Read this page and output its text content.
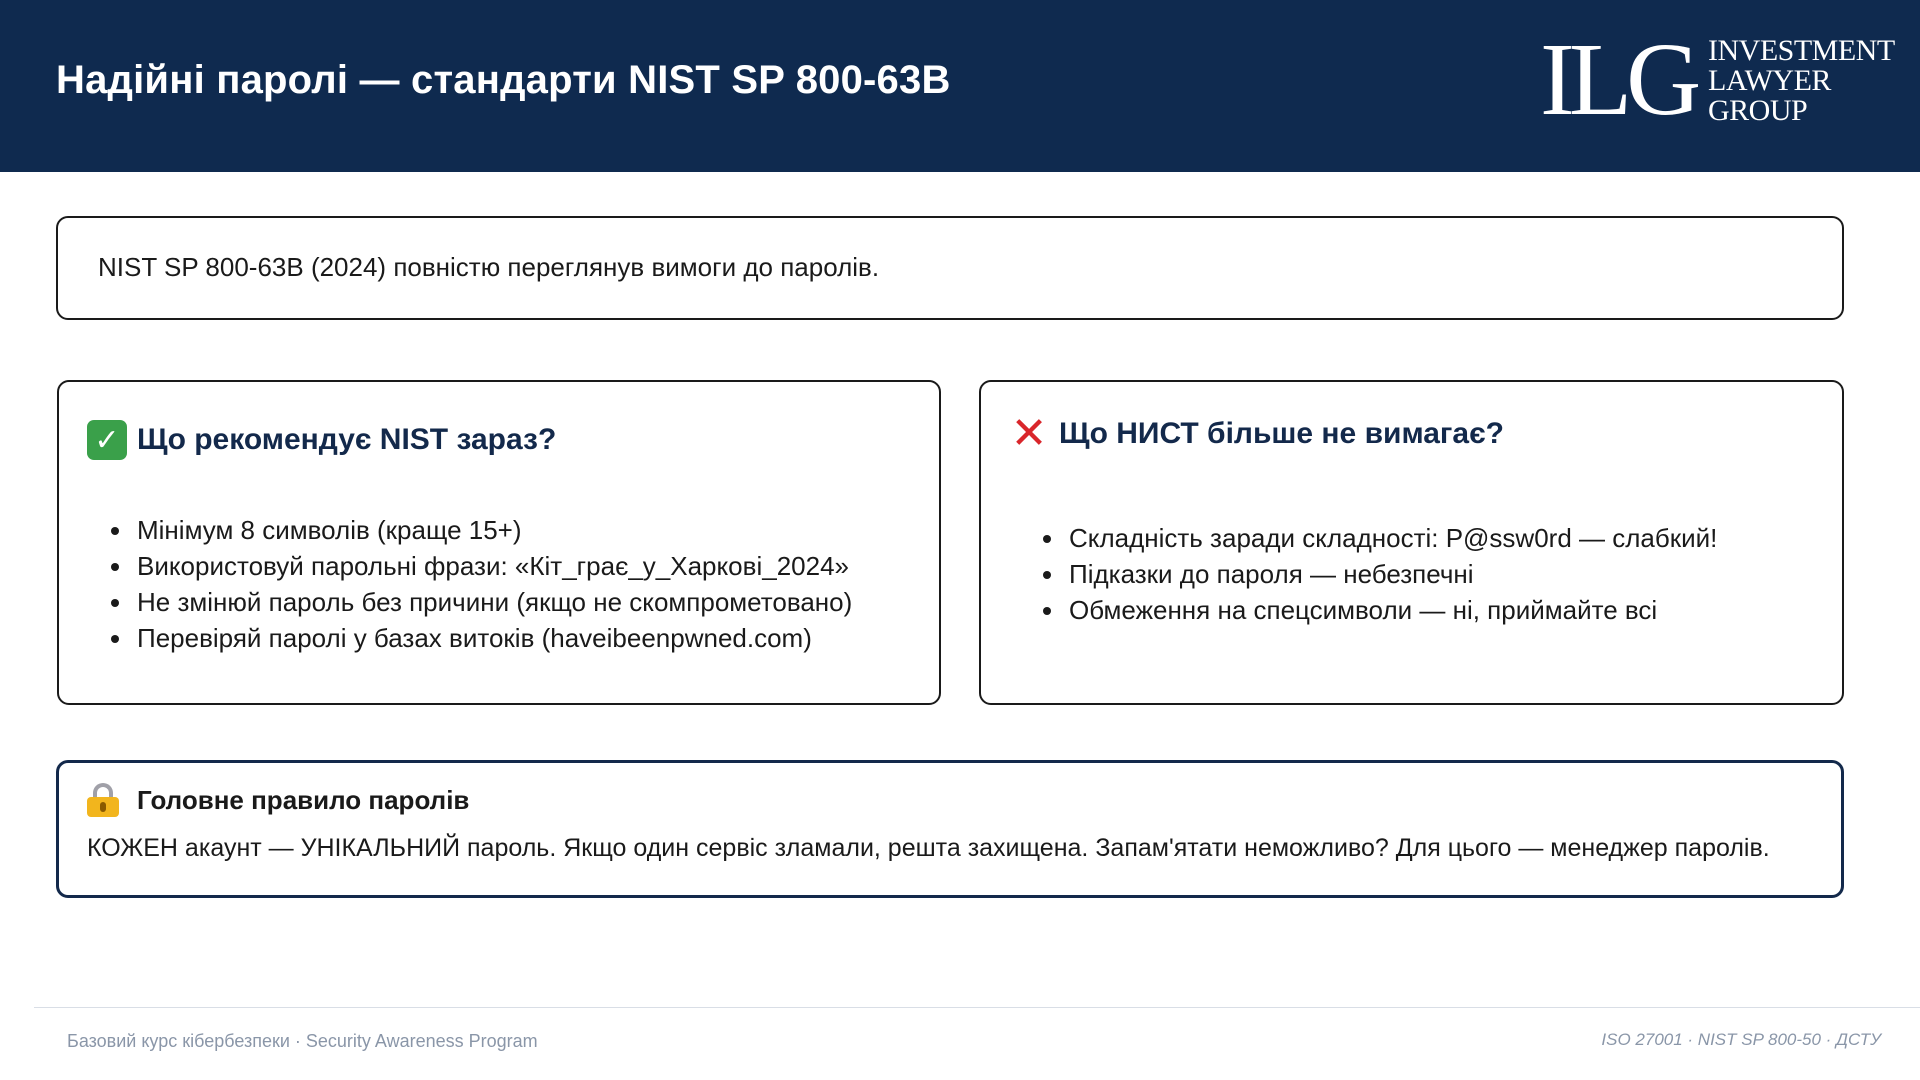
Надійні паролі — стандарти NIST SP 800-63B	ILG INVESTMENT
LAWYER
GROUP
NIST SP 800-63B (2024) повністю переглянув вимоги до паролів.
✓ Що рекомендує NIST зараз?
Мінімум 8 символів (краще 15+)
Використовуй парольні фрази: «Кіт_грає_у_Харкові_2024»
Не змінюй пароль без причини (якщо не скомпрометовано)
Перевіряй паролі у базах витоків (haveibeenpwned.com)
✕ Що НИСТ більше не вимагає?
Складність заради складності: P@ssw0rd — слабкий!
Підказки до пароля — небезпечні
Обмеження на спецсимволи — ні, приймайте всі
Головне правило паролів
КОЖЕН акаунт — УНІКАЛЬНИЙ пароль. Якщо один сервіс зламали, решта захищена. Запам'ятати неможливо? Для цього — менеджер паролів.
Базовий курс кібербезпеки · Security Awareness Program	ISO 27001 · NIST SP 800-50 · ДСТУ
